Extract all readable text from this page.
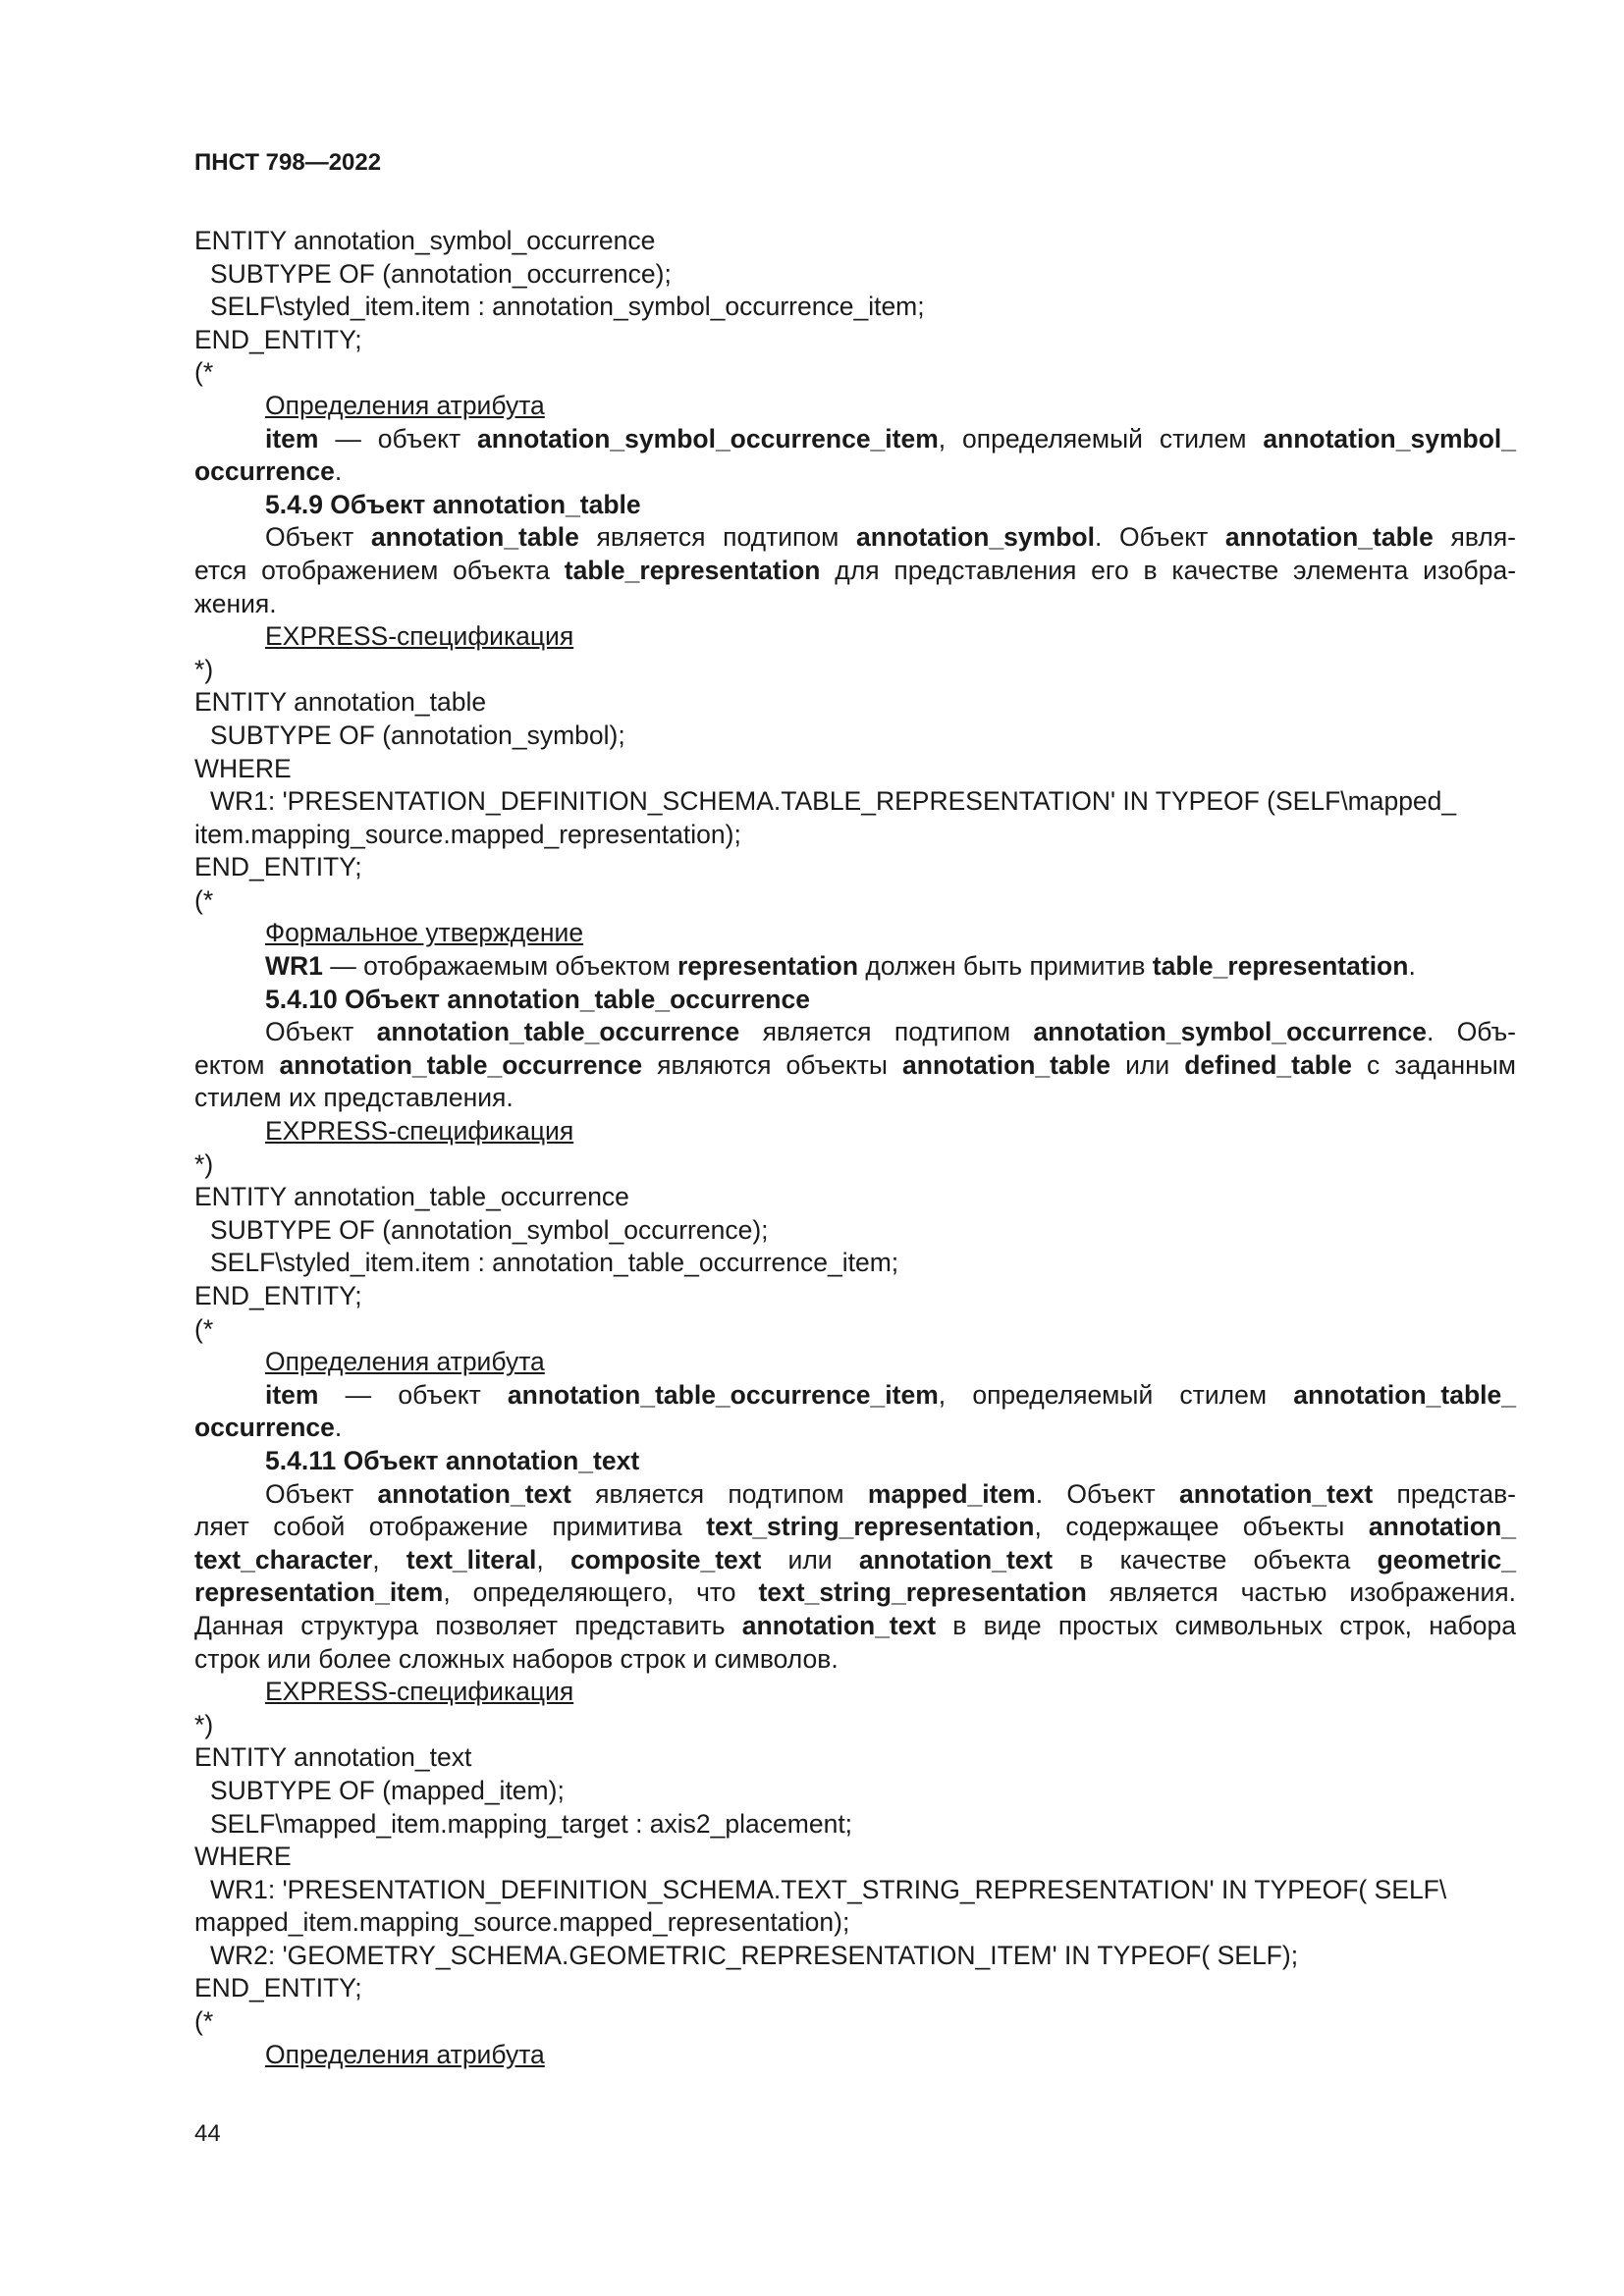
ПНСТ 798—2022

ENTITY annotation_symbol_occurrence
SUBTYPE OF (annotation_occurrence);
SELF\styled_item.item : annotation_symbol_occurrence_item;
END_ENTITY;
(*
Определения атрибута
item — объект annotation_symbol_occurrence_item, определяемый стилем annotation_symbol_
occurrence.
5.4.9 Объект annotation_table
Объект annotation_table является подтипом annotation_symbol. Объект annotation_table явля-
ется отображением объекта table_representation для представления его в качестве элемента изобра-
жения.
EXPRESS-спецификация
*)
ENTITY annotation_table
SUBTYPE OF (annotation_symbol);
WHERE
WR1: 'PRESENTATION_DEFINITION_SCHEMA.TABLE_REPRESENTATION' IN TYPEOF (SELF\mapped_
item.mapping_source.mapped_representation);
END_ENTITY;
(*
Формальное утверждение
WR1 — отображаемым объектом representation должен быть примитив table_representation.
5.4.10 Объект annotation_table_occurrence
Объект annotation_table_occurrence является подтипом annotation_symbol_occurrence. Объ-
ектом annotation_table_occurrence являются объекты annotation_table или defined_table с заданным
стилем их представления.
EXPRESS-спецификация
*)
ENTITY annotation_table_occurrence
SUBTYPE OF (annotation_symbol_occurrence);
SELF\styled_item.item : annotation_table_occurrence_item;
END_ENTITY;
(*
Определения атрибута
item — объект annotation_table_occurrence_item, определяемый стилем annotation_table_
occurrence.
5.4.11 Объект annotation_text
Объект annotation_text является подтипом mapped_item. Объект annotation_text представ-
ляет собой отображение примитива text_string_representation, содержащее объекты annotation_
text_character, text_literal, composite_text или annotation_text в качестве объекта geometric_
representation_item, определяющего, что text_string_representation является частью изображения.
Данная структура позволяет представить annotation_text в виде простых символьных строк, набора
строк или более сложных наборов строк и символов.
EXPRESS-спецификация
*)
ENTITY annotation_text
SUBTYPE OF (mapped_item);
SELF\mapped_item.mapping_target : axis2_placement;
WHERE
WR1: 'PRESENTATION_DEFINITION_SCHEMA.TEXT_STRING_REPRESENTATION' IN TYPEOF( SELF\
mapped_item.mapping_source.mapped_representation);
WR2: 'GEOMETRY_SCHEMA.GEOMETRIC_REPRESENTATION_ITEM' IN TYPEOF( SELF);
END_ENTITY;
(*
Определения атрибута

44
